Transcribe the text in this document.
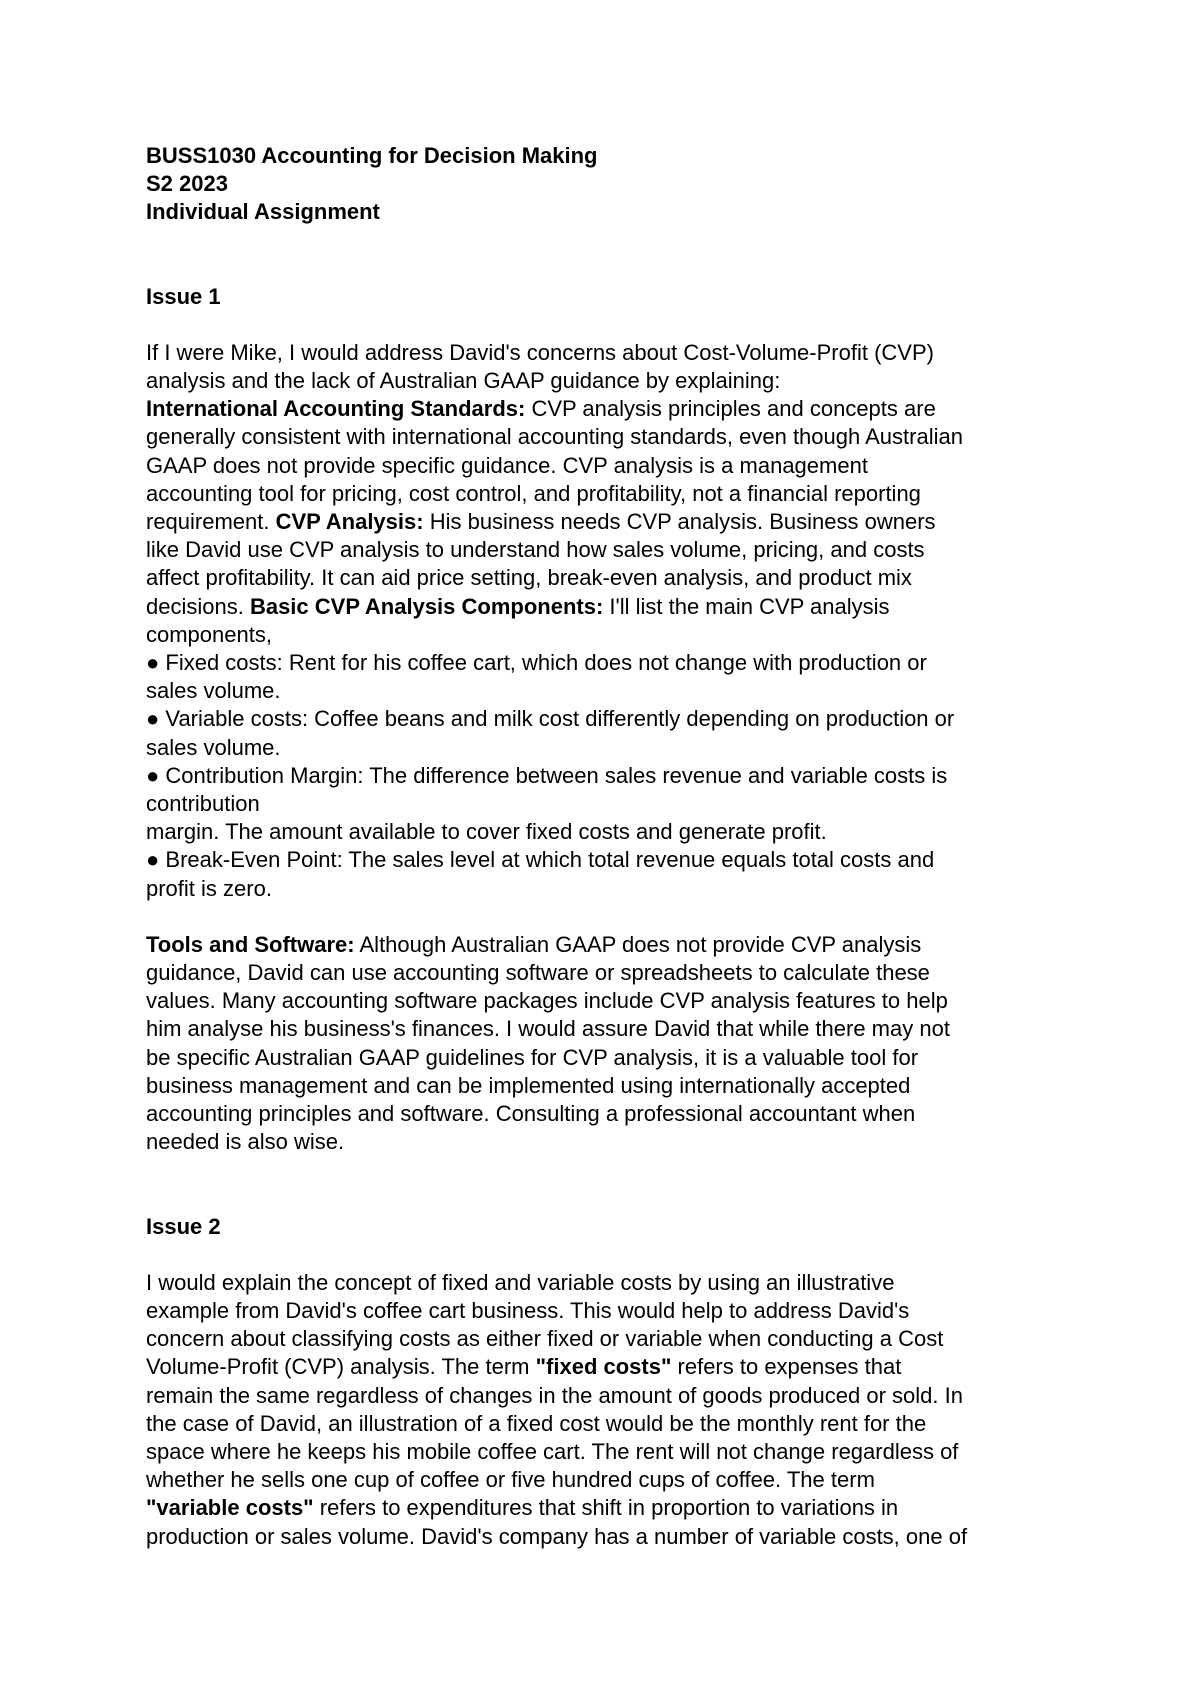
BUSS1030 Accounting for Decision Making
S2 2023
Individual Assignment
Issue 1
If I were Mike, I would address David's concerns about Cost-Volume-Profit (CVP)
analysis and the lack of Australian GAAP guidance by explaining:
International Accounting Standards: CVP analysis principles and concepts are
generally consistent with international accounting standards, even though Australian
GAAP does not provide specific guidance. CVP analysis is a management
accounting tool for pricing, cost control, and profitability, not a financial reporting
requirement. CVP Analysis: His business needs CVP analysis. Business owners
like David use CVP analysis to understand how sales volume, pricing, and costs
affect profitability. It can aid price setting, break-even analysis, and product mix
decisions. Basic CVP Analysis Components: I'll list the main CVP analysis
components,
● Fixed costs: Rent for his coffee cart, which does not change with production or
sales volume.
● Variable costs: Coffee beans and milk cost differently depending on production or
sales volume.
● Contribution Margin: The difference between sales revenue and variable costs is
contribution
margin. The amount available to cover fixed costs and generate profit.
● Break-Even Point: The sales level at which total revenue equals total costs and
profit is zero.
Tools and Software: Although Australian GAAP does not provide CVP analysis
guidance, David can use accounting software or spreadsheets to calculate these
values. Many accounting software packages include CVP analysis features to help
him analyse his business's finances. I would assure David that while there may not
be specific Australian GAAP guidelines for CVP analysis, it is a valuable tool for
business management and can be implemented using internationally accepted
accounting principles and software. Consulting a professional accountant when
needed is also wise.
Issue 2
I would explain the concept of fixed and variable costs by using an illustrative
example from David's coffee cart business. This would help to address David's
concern about classifying costs as either fixed or variable when conducting a Cost
Volume-Profit (CVP) analysis. The term "fixed costs" refers to expenses that
remain the same regardless of changes in the amount of goods produced or sold. In
the case of David, an illustration of a fixed cost would be the monthly rent for the
space where he keeps his mobile coffee cart. The rent will not change regardless of
whether he sells one cup of coffee or five hundred cups of coffee. The term
"variable costs" refers to expenditures that shift in proportion to variations in
production or sales volume. David's company has a number of variable costs, one of
